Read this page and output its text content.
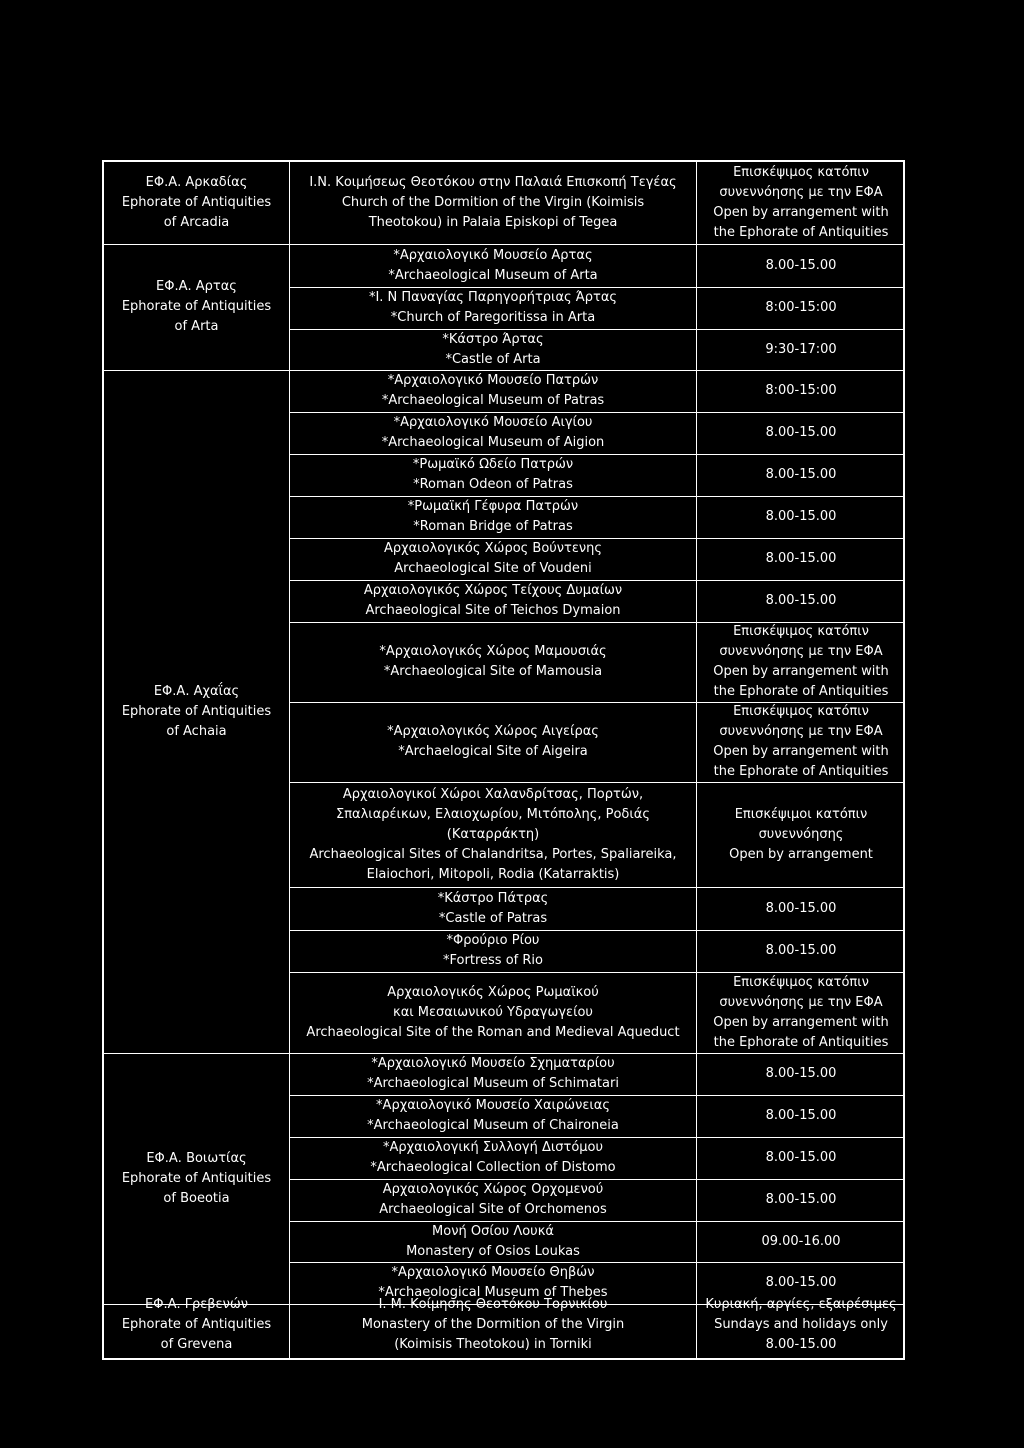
ΕΦ.Α. Αρκαδίας
Ephorate of Antiquities
of Arcadia
ΕΦ.Α. Αρτας
Ephorate of Antiquities
of Arta
ΕΦ.Α. Αχαΐας
Ephorate of Antiquities
of Achaia
ΕΦ.Α. Βοιωτίας
Ephorate of Antiquities
of Boeotia
ΕΦ.Α. Γρεβενών
Ephorate of Antiquities
of Grevena
Ι.Ν. Κοιμήσεως Θεοτόκου στην Παλαιά Επισκοπή Τεγέας
Church of the Dormition of the Virgin (Koimisis
Theotokou) in Palaia Episkopi of Tegea
Επισκέψιμος κατόπιν
συνεννόησης με την ΕΦΑ
Open by arrangement with
the Ephorate of Antiquities
*Αρχαιολογικό Μουσείο Αρτας
*Archaeological Museum of Arta
8.00-15.00
*Ι. Ν Παναγίας Παρηγορήτριας Άρτας
*Church of Paregoritissa in Arta
8:00-15:00
*Κάστρο Άρτας
*Castle of Arta
9:30-17:00
*Αρχαιολογικό Μουσείο Πατρών
*Archaeological Museum of Patras
8:00-15:00
*Αρχαιολογικό Μουσείο Αιγίου
*Archaeological Museum of Aigion
8.00-15.00
*Ρωμαϊκό Ωδείο Πατρών
*Roman Odeon of Patras
8.00-15.00
*Ρωμαϊκή Γέφυρα Πατρών
*Roman Bridge of Patras
8.00-15.00
Αρχαιολογικός Χώρος Βούντενης
Archaeological Site of Voudeni
8.00-15.00
Αρχαιολογικός Χώρος Τείχους Δυμαίων
Archaeological Site of Teichos Dymaion
8.00-15.00
*Αρχαιολογικός Χώρος Μαμουσιάς
*Archaeological Site of Mamousia
Επισκέψιμος κατόπιν
συνεννόησης με την ΕΦΑ
Open by arrangement with
the Ephorate of Antiquities
*Αρχαιολογικός Χώρος Αιγείρας
*Archaelogical Site of Aigeira
Επισκέψιμος κατόπιν
συνεννόησης με την ΕΦΑ
Open by arrangement with
the Ephorate of Antiquities
Αρχαιολογικοί Χώροι Χαλανδρίτσας, Πορτών,
Σπαλιαρέικων, Ελαιοχωρίου, Μιτόπολης, Ροδιάς
(Καταρράκτη)
Archaeological Sites of Chalandritsa, Portes, Spaliareika,
Elaiochori, Mitopoli, Rodia (Katarraktis)
Επισκέψιμοι κατόπιν
συνεννόησης
Open by arrangement
*Κάστρο Πάτρας
*Castle of Patras
8.00-15.00
*Φρούριο Ρίου
*Fortress of Rio
8.00-15.00
Αρχαιολογικός Χώρος Ρωμαϊκού
και Μεσαιωνικού Υδραγωγείου
Archaeological Site of the Roman and Medieval Aqueduct
Επισκέψιμος κατόπιν
συνεννόησης με την ΕΦΑ
Open by arrangement with
the Ephorate of Antiquities
*Αρχαιολογικό Μουσείο Σχηματαρίου
*Archaeological Museum of Schimatari
8.00-15.00
*Αρχαιολογικό Μουσείο Χαιρώνειας
*Archaeological Museum of Chaironeia
8.00-15.00
*Αρχαιολογική Συλλογή Διστόμου
*Archaeological Collection of Distomo
8.00-15.00
Αρχαιολογικός Χώρος Ορχομενού
Archaeological Site of Orchomenos
8.00-15.00
Μονή Οσίου Λουκά
Monastery of Osios Loukas
09.00-16.00
*Αρχαιολογικό Μουσείο Θηβών
*Archaeological Museum of Thebes
8.00-15.00
Ι. Μ. Κοίμησης Θεοτόκου Τορνικίου
Monastery of the Dormition of the Virgin
(Koimisis Theotokou) in Torniki
Κυριακή, αργίες, εξαιρέσιμες
Sundays and holidays only
8.00-15.00
